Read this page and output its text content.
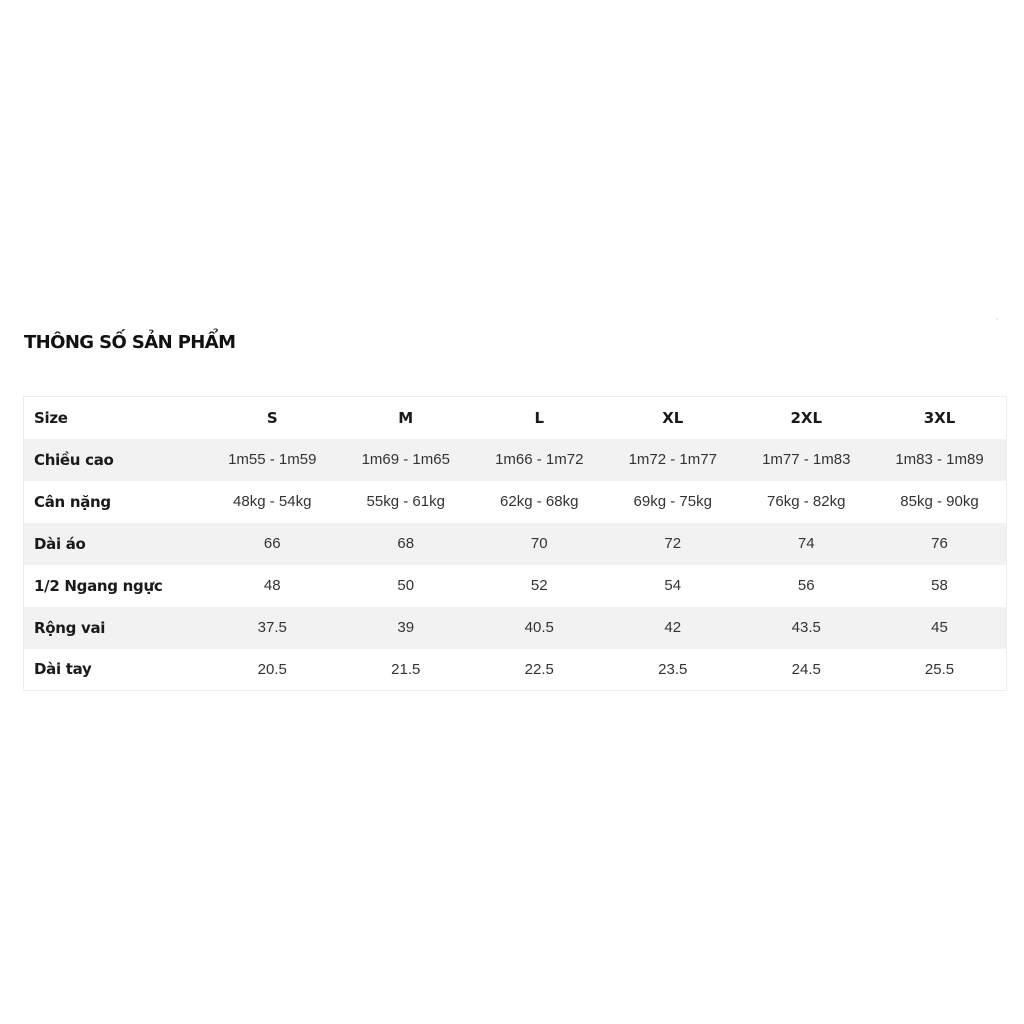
THÔNG SỐ SẢN PHẨM
Size	S	M	L	XL	2XL	3XL
Chiều cao	1m55 - 1m59	1m69 - 1m65	1m66 - 1m72	1m72 - 1m77	1m77 - 1m83	1m83 - 1m89
Cân nặng	48kg - 54kg	55kg - 61kg	62kg - 68kg	69kg - 75kg	76kg - 82kg	85kg - 90kg
Dài áo	66	68	70	72	74	76
1/2 Ngang ngực	48	50	52	54	56	58
Rộng vai	37.5	39	40.5	42	43.5	45
Dài tay	20.5	21.5	22.5	23.5	24.5	25.5
